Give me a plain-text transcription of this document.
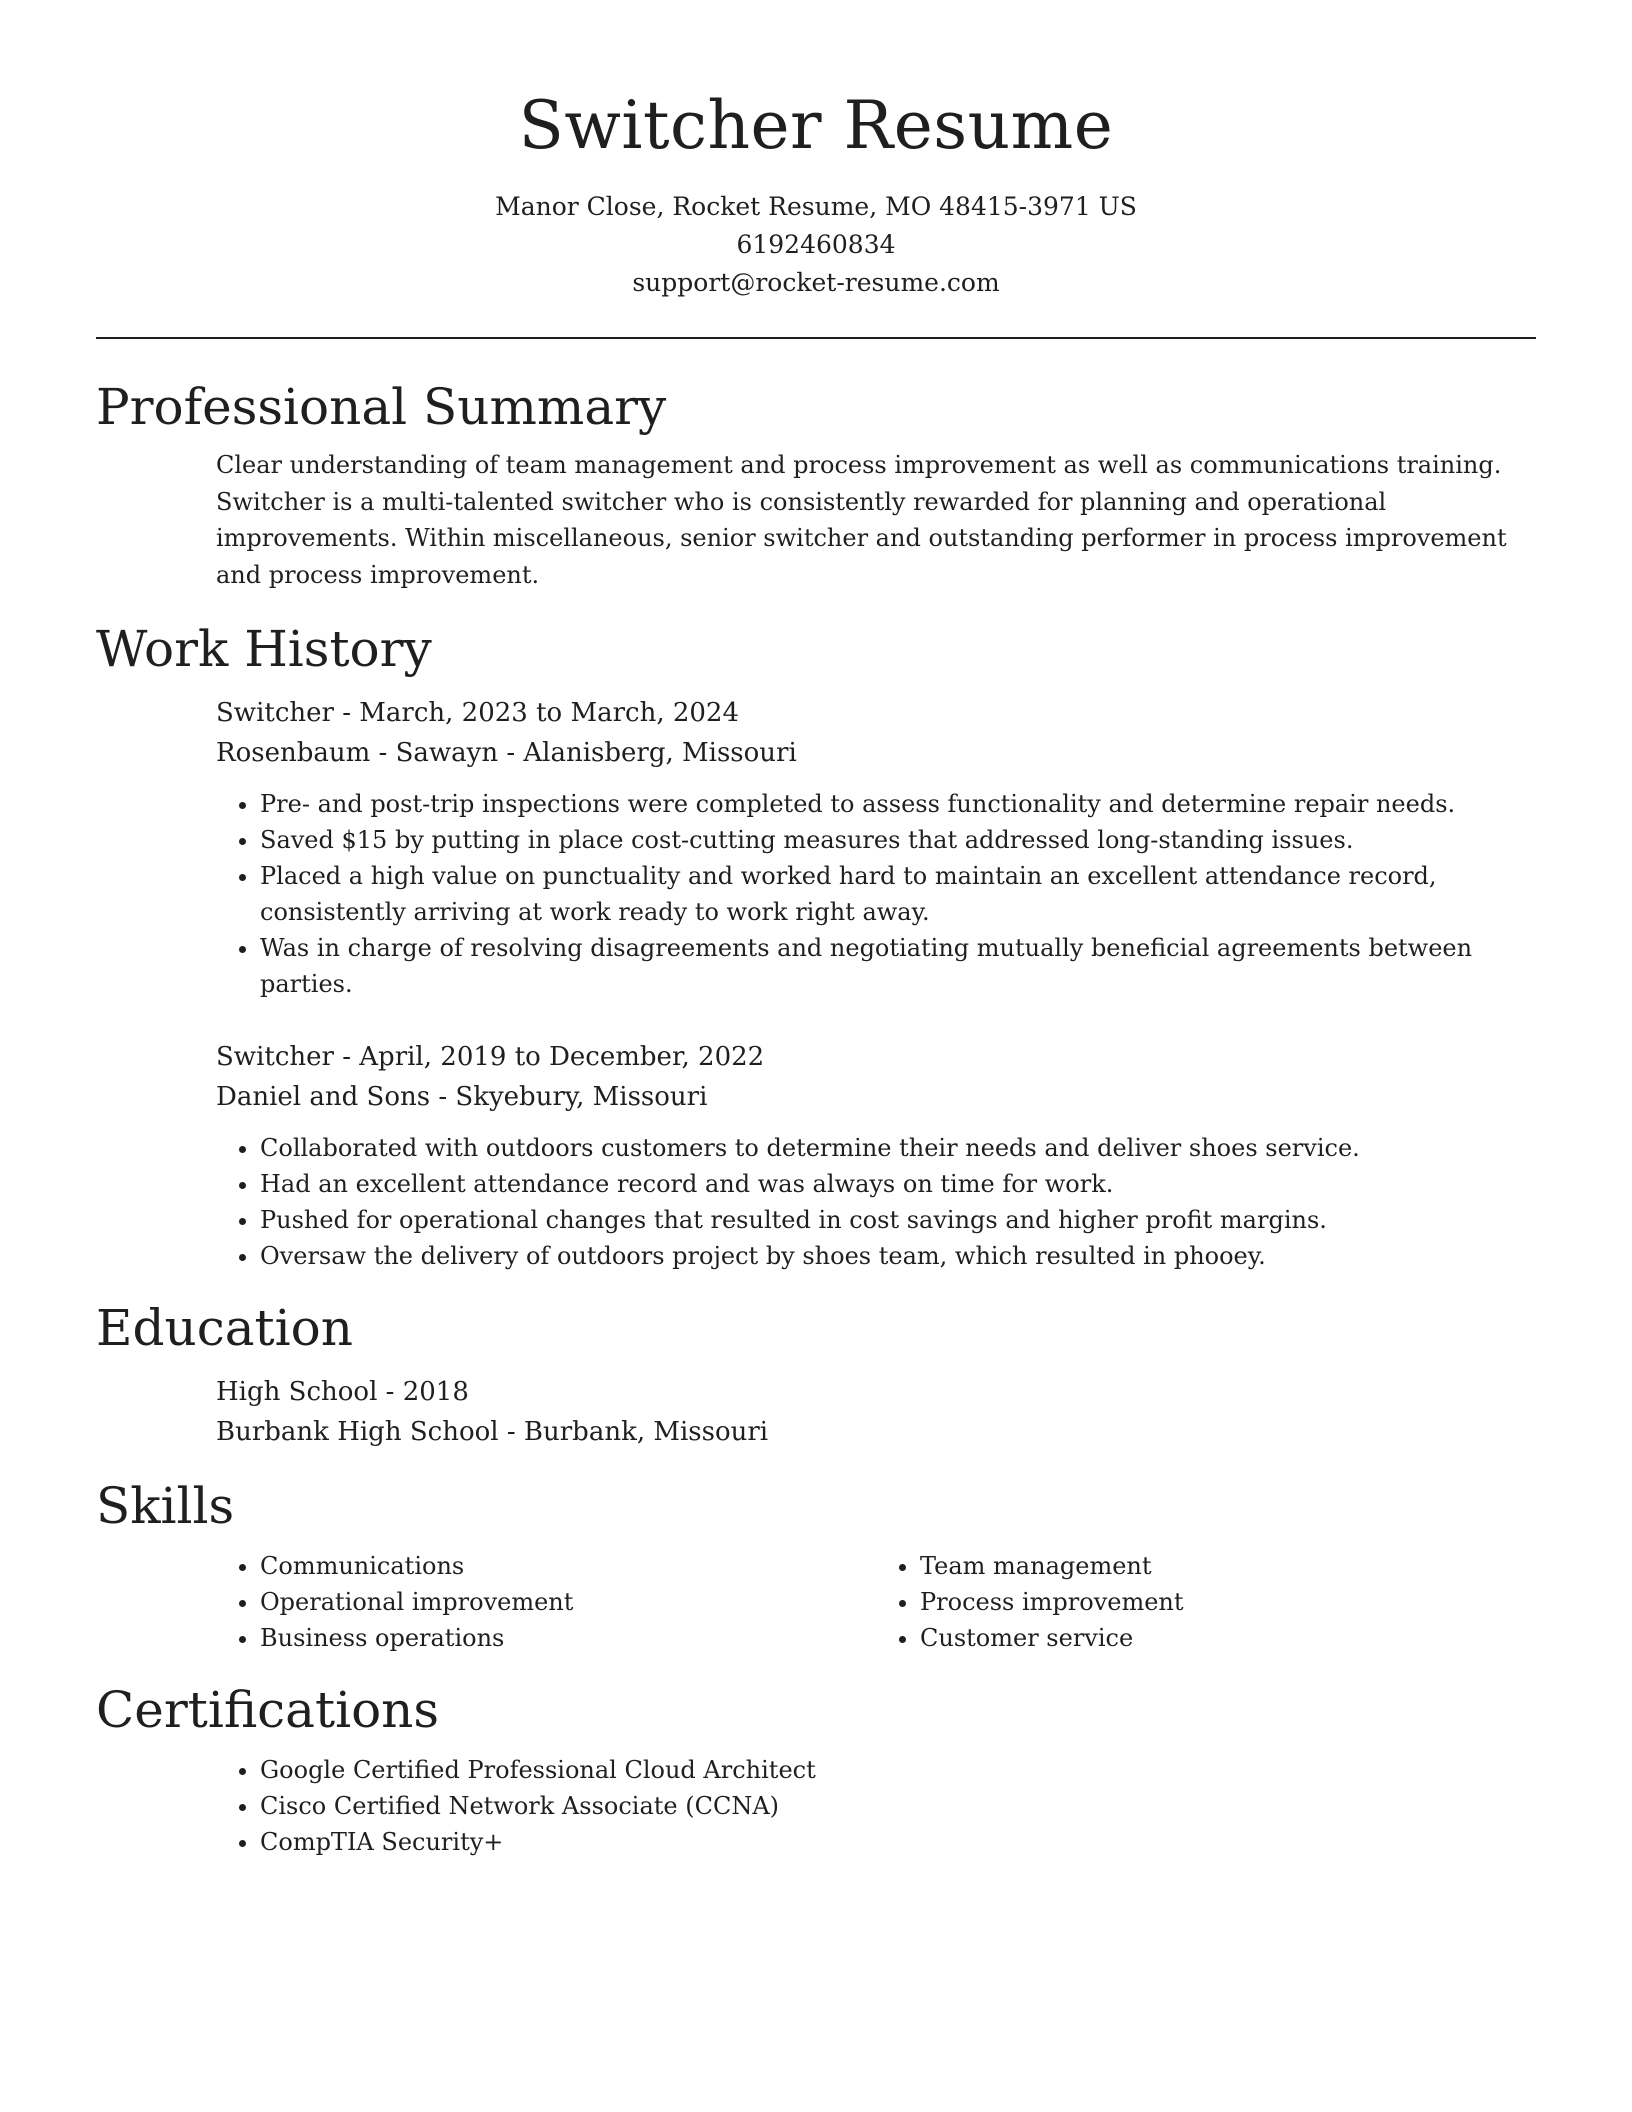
Switcher Resume

Manor Close, Rocket Resume, MO 48415-3971 US

6192460834

support@rocket-resume.com

Professional Summary

Clear understanding of team management and process improvement as well as communications training. Switcher is a multi-talented switcher who is consistently rewarded for planning and operational improvements. Within miscellaneous, senior switcher and outstanding performer in process improvement and process improvement.

Work History

Switcher - March, 2023 to March, 2024

Rosenbaum - Sawayn - Alanisberg, Missouri

• Pre- and post-trip inspections were completed to assess functionality and determine repair needs.
• Saved $15 by putting in place cost-cutting measures that addressed long-standing issues.
• Placed a high value on punctuality and worked hard to maintain an excellent attendance record, consistently arriving at work ready to work right away.
• Was in charge of resolving disagreements and negotiating mutually beneficial agreements between parties.

Switcher - April, 2019 to December, 2022

Daniel and Sons - Skyebury, Missouri

• Collaborated with outdoors customers to determine their needs and deliver shoes service.
• Had an excellent attendance record and was always on time for work.
• Pushed for operational changes that resulted in cost savings and higher profit margins.
• Oversaw the delivery of outdoors project by shoes team, which resulted in phooey.
Education

High School - 2018

Burbank High School - Burbank, Missouri

Skills
• Communications
• Operational improvement
• Business operations
• Team management
• Process improvement
• Customer service
Certifications
• Google Certified Professional Cloud Architect
• Cisco Certified Network Associate (CCNA)
• CompTIA Security+
